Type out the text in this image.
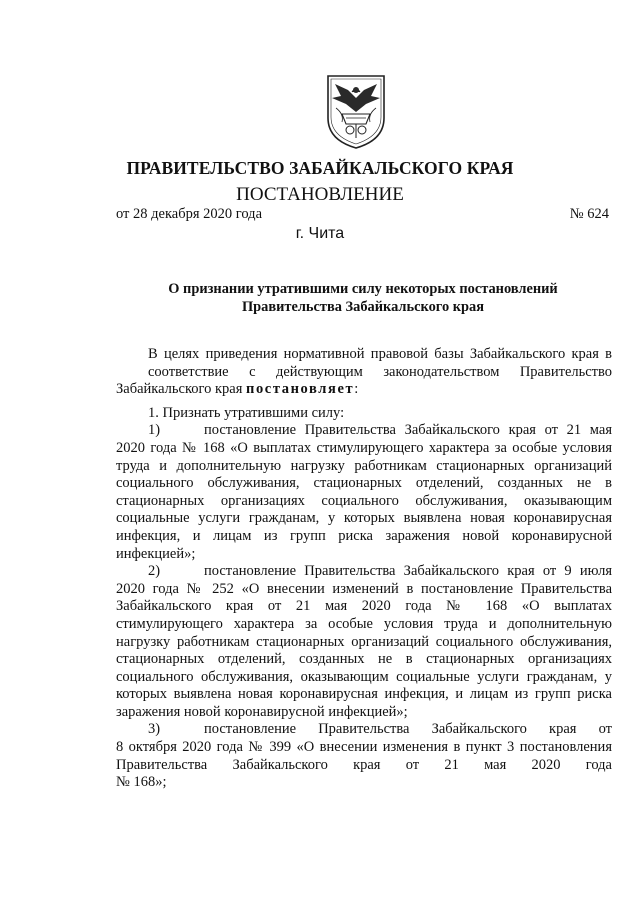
ПРАВИТЕЛЬСТВО ЗАБАЙКАЛЬСКОГО КРАЯ
ПОСТАНОВЛЕНИЕ
от 28 декабря 2020 года	№ 624
г. Чита
О признании утратившими силу некоторых постановлений
Правительства Забайкальского края
В целях приведения нормативной правовой базы Забайкальского края в
соответствие с действующим законодательством Правительство
Забайкальского края постановляет:
1. Признать утратившими силу:
1)	постановление Правительства Забайкальского края от 21 мая
2020 года № 168 «О выплатах стимулирующего характера за особые условия
труда и дополнительную нагрузку работникам стационарных организаций
социального обслуживания, стационарных отделений, созданных не в
стационарных организациях социального обслуживания, оказывающим
социальные услуги гражданам, у которых выявлена новая коронавирусная
инфекция, и лицам из групп риска заражения новой коронавирусной
инфекцией»;
2)	постановление Правительства Забайкальского края от 9 июля
2020 года № 252 «О внесении изменений в постановление Правительства
Забайкальского края от 21 мая 2020 года № 168 «О выплатах
стимулирующего характера за особые условия труда и дополнительную
нагрузку работникам стационарных организаций социального обслуживания,
стационарных отделений, созданных не в стационарных организациях
социального обслуживания, оказывающим социальные услуги гражданам, у
которых выявлена новая коронавирусная инфекция, и лицам из групп риска
заражения новой коронавирусной инфекцией»;
3)	постановление Правительства Забайкальского края от
8 октября 2020 года № 399 «О внесении изменения в пункт 3 постановления
Правительства Забайкальского края от 21 мая 2020 года
№ 168»;
